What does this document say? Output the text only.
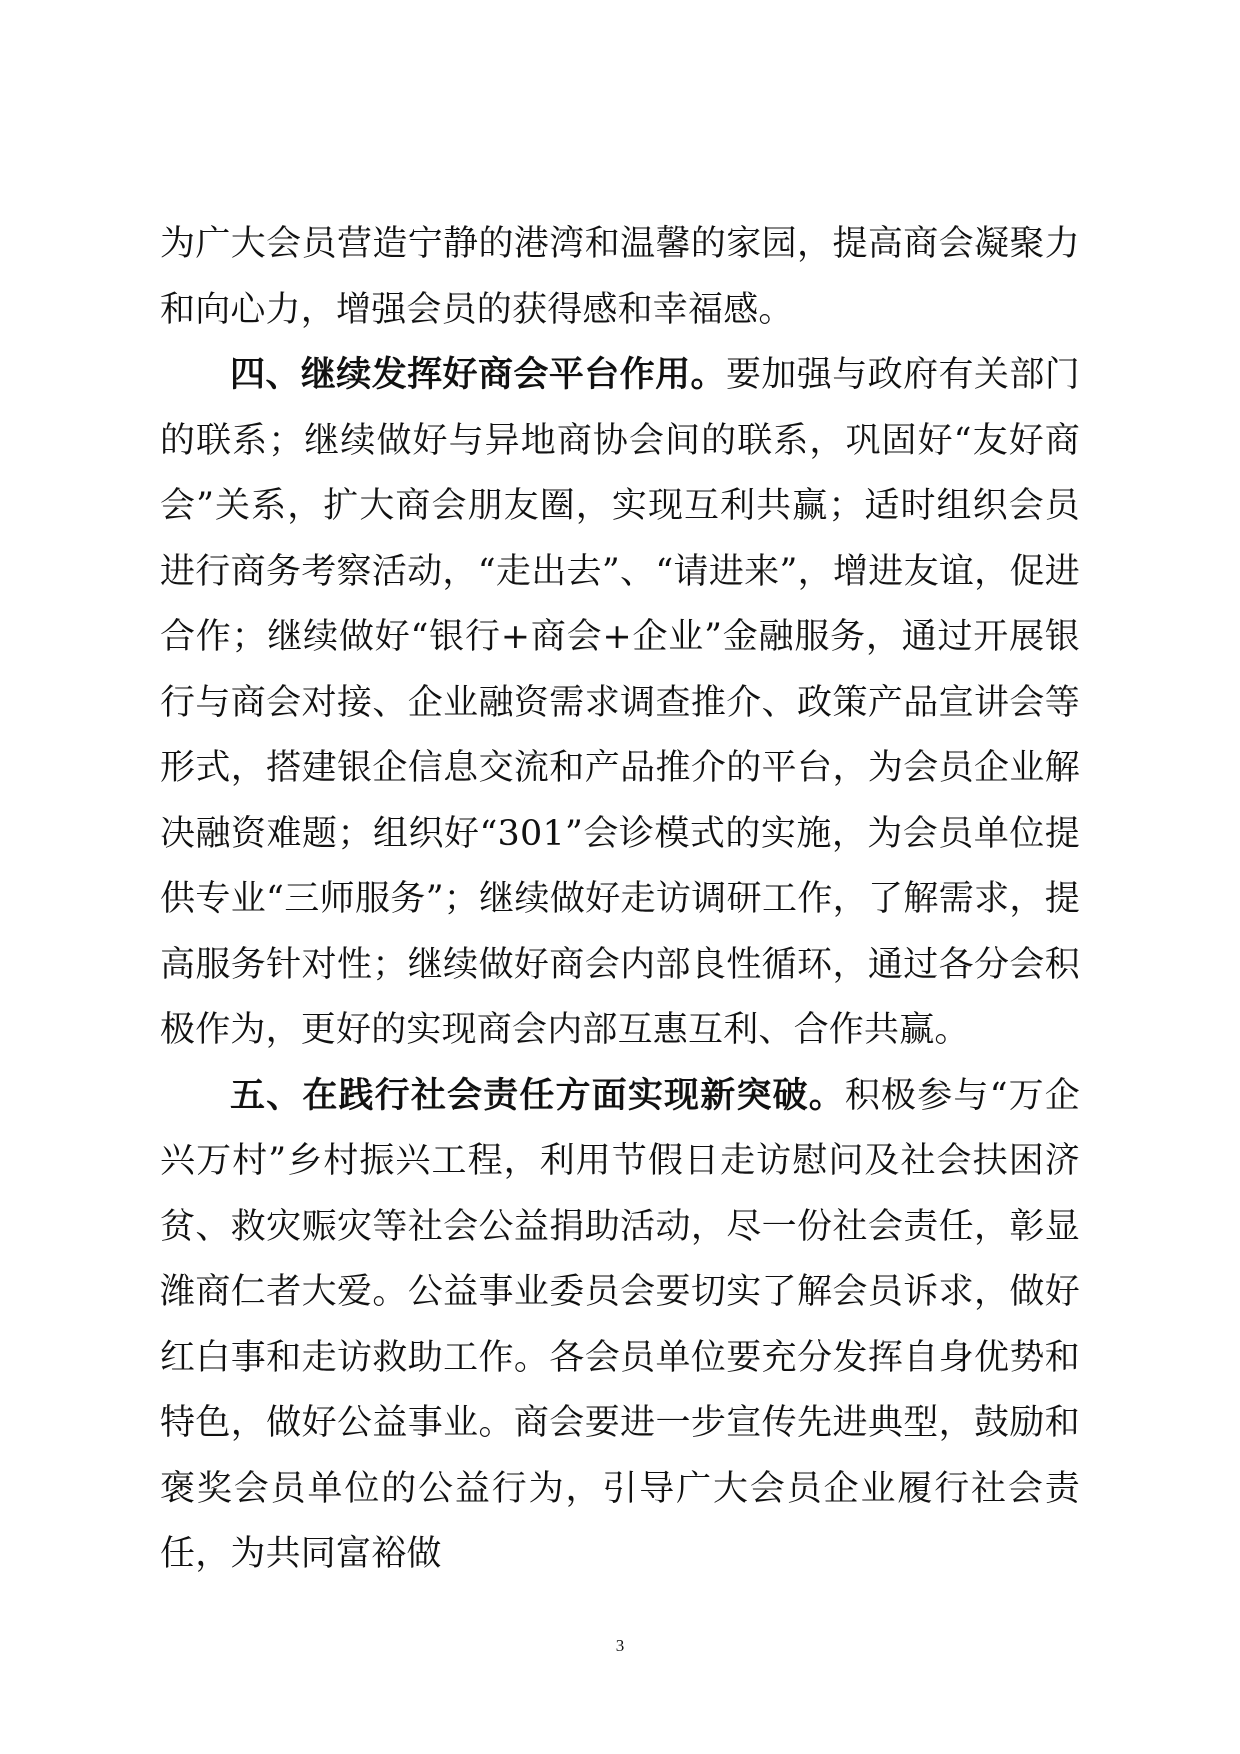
为广大会员营造宁静的港湾和温馨的家园，提高商会凝聚力和向心力，增强会员的获得感和幸福感。

四、继续发挥好商会平台作用。要加强与政府有关部门的联系；继续做好与异地商协会间的联系，巩固好“友好商会”关系，扩大商会朋友圈，实现互利共赢；适时组织会员进行商务考察活动，“走出去”、“请进来”，增进友谊，促进合作；继续做好“银行+商会+企业”金融服务，通过开展银行与商会对接、企业融资需求调查推介、政策产品宣讲会等形式，搭建银企信息交流和产品推介的平台，为会员企业解决融资难题；组织好“301”会诊模式的实施，为会员单位提供专业“三师服务”；继续做好走访调研工作，了解需求，提高服务针对性；继续做好商会内部良性循环，通过各分会积极作为，更好的实现商会内部互惠互利、合作共赢。

五、在践行社会责任方面实现新突破。积极参与“万企兴万村”乡村振兴工程，利用节假日走访慰问及社会扶困济贫、救灾赈灾等社会公益捐助活动，尽一份社会责任，彰显潍商仁者大爱。公益事业委员会要切实了解会员诉求，做好红白事和走访救助工作。各会员单位要充分发挥自身优势和特色，做好公益事业。商会要进一步宣传先进典型，鼓励和褒奖会员单位的公益行为，引导广大会员企业履行社会责任，为共同富裕做

3
